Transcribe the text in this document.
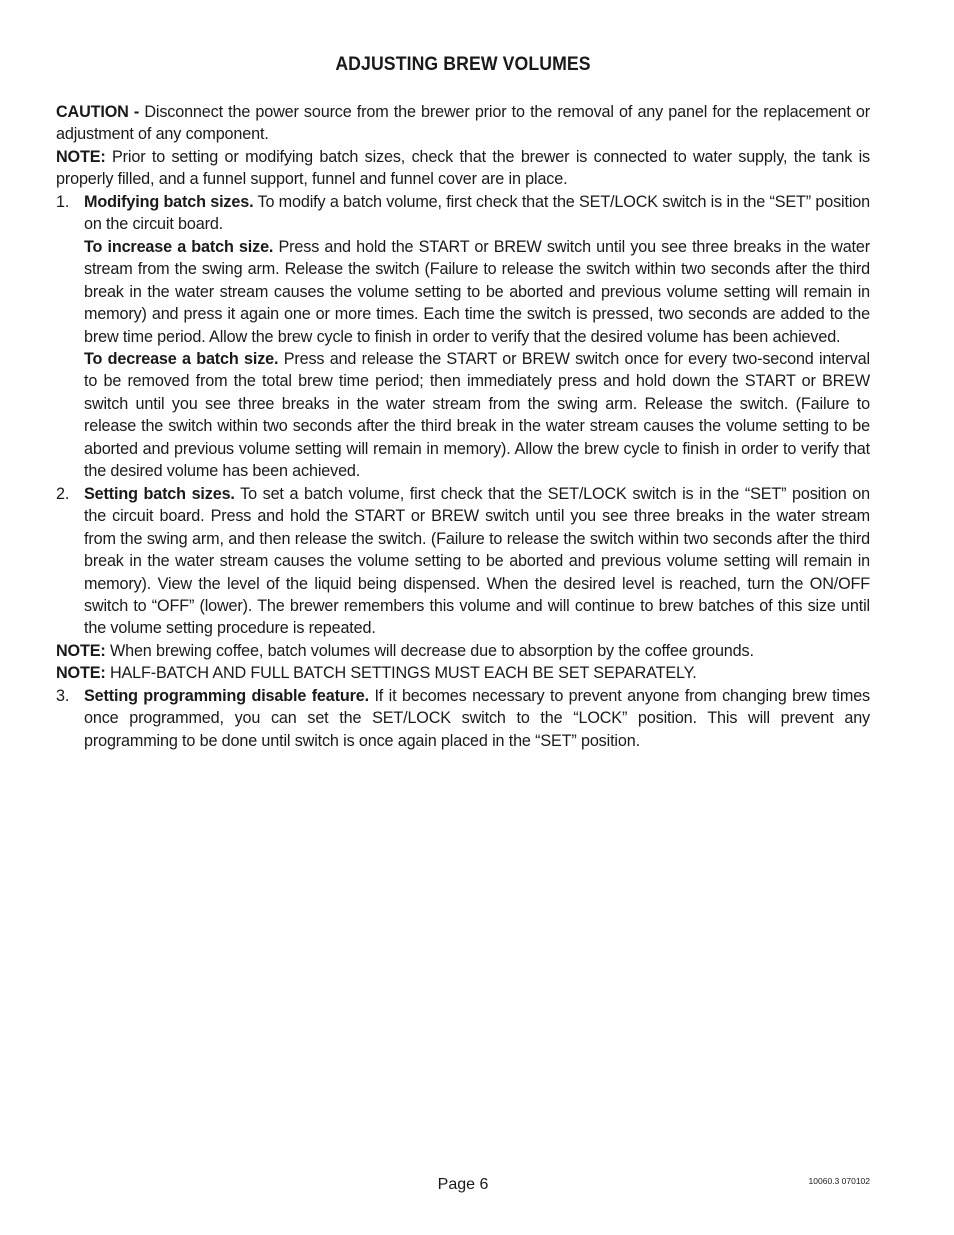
ADJUSTING BREW VOLUMES

CAUTION - Disconnect the power source from the brewer prior to the removal of any panel for the replacement or adjustment of any component.

NOTE: Prior to setting or modifying batch sizes, check that the brewer is connected to water supply, the tank is properly filled, and a funnel support, funnel and funnel cover are in place.

1. Modifying batch sizes. To modify a batch volume, first check that the SET/LOCK switch is in the “SET” position on the circuit board.

To increase a batch size. Press and hold the START or BREW switch until you see three breaks in the water stream from the swing arm. Release the switch (Failure to release the switch within two seconds after the third break in the water stream causes the volume setting to be aborted and previous volume setting will remain in memory) and press it again one or more times. Each time the switch is pressed, two seconds are added to the brew time period. Allow the brew cycle to finish in order to verify that the desired volume has been achieved.

To decrease a batch size. Press and release the START or BREW switch once for every two-second interval to be removed from the total brew time period; then immediately press and hold down the START or BREW switch until you see three breaks in the water stream from the swing arm. Release the switch. (Failure to release the switch within two seconds after the third break in the water stream causes the volume setting to be aborted and previous volume setting will remain in memory). Allow the brew cycle to finish in order to verify that the desired volume has been achieved.

2. Setting batch sizes. To set a batch volume, first check that the SET/LOCK switch is in the “SET” position on the circuit board. Press and hold the START or BREW switch until you see three breaks in the water stream from the swing arm, and then release the switch. (Failure to release the switch within two seconds after the third break in the water stream causes the volume setting to be aborted and previous volume setting will remain in memory). View the level of the liquid being dispensed. When the desired level is reached, turn the ON/OFF switch to “OFF” (lower). The brewer remembers this volume and will continue to brew batches of this size until the volume setting procedure is repeated.

NOTE: When brewing coffee, batch volumes will decrease due to absorption by the coffee grounds.

NOTE: HALF-BATCH AND FULL BATCH SETTINGS MUST EACH BE SET SEPARATELY.

3. Setting programming disable feature. If it becomes necessary to prevent anyone from changing brew times once programmed, you can set the SET/LOCK switch to the “LOCK” position. This will prevent any programming to be done until switch is once again placed in the “SET” position.

Page 6	10060.3 070102
